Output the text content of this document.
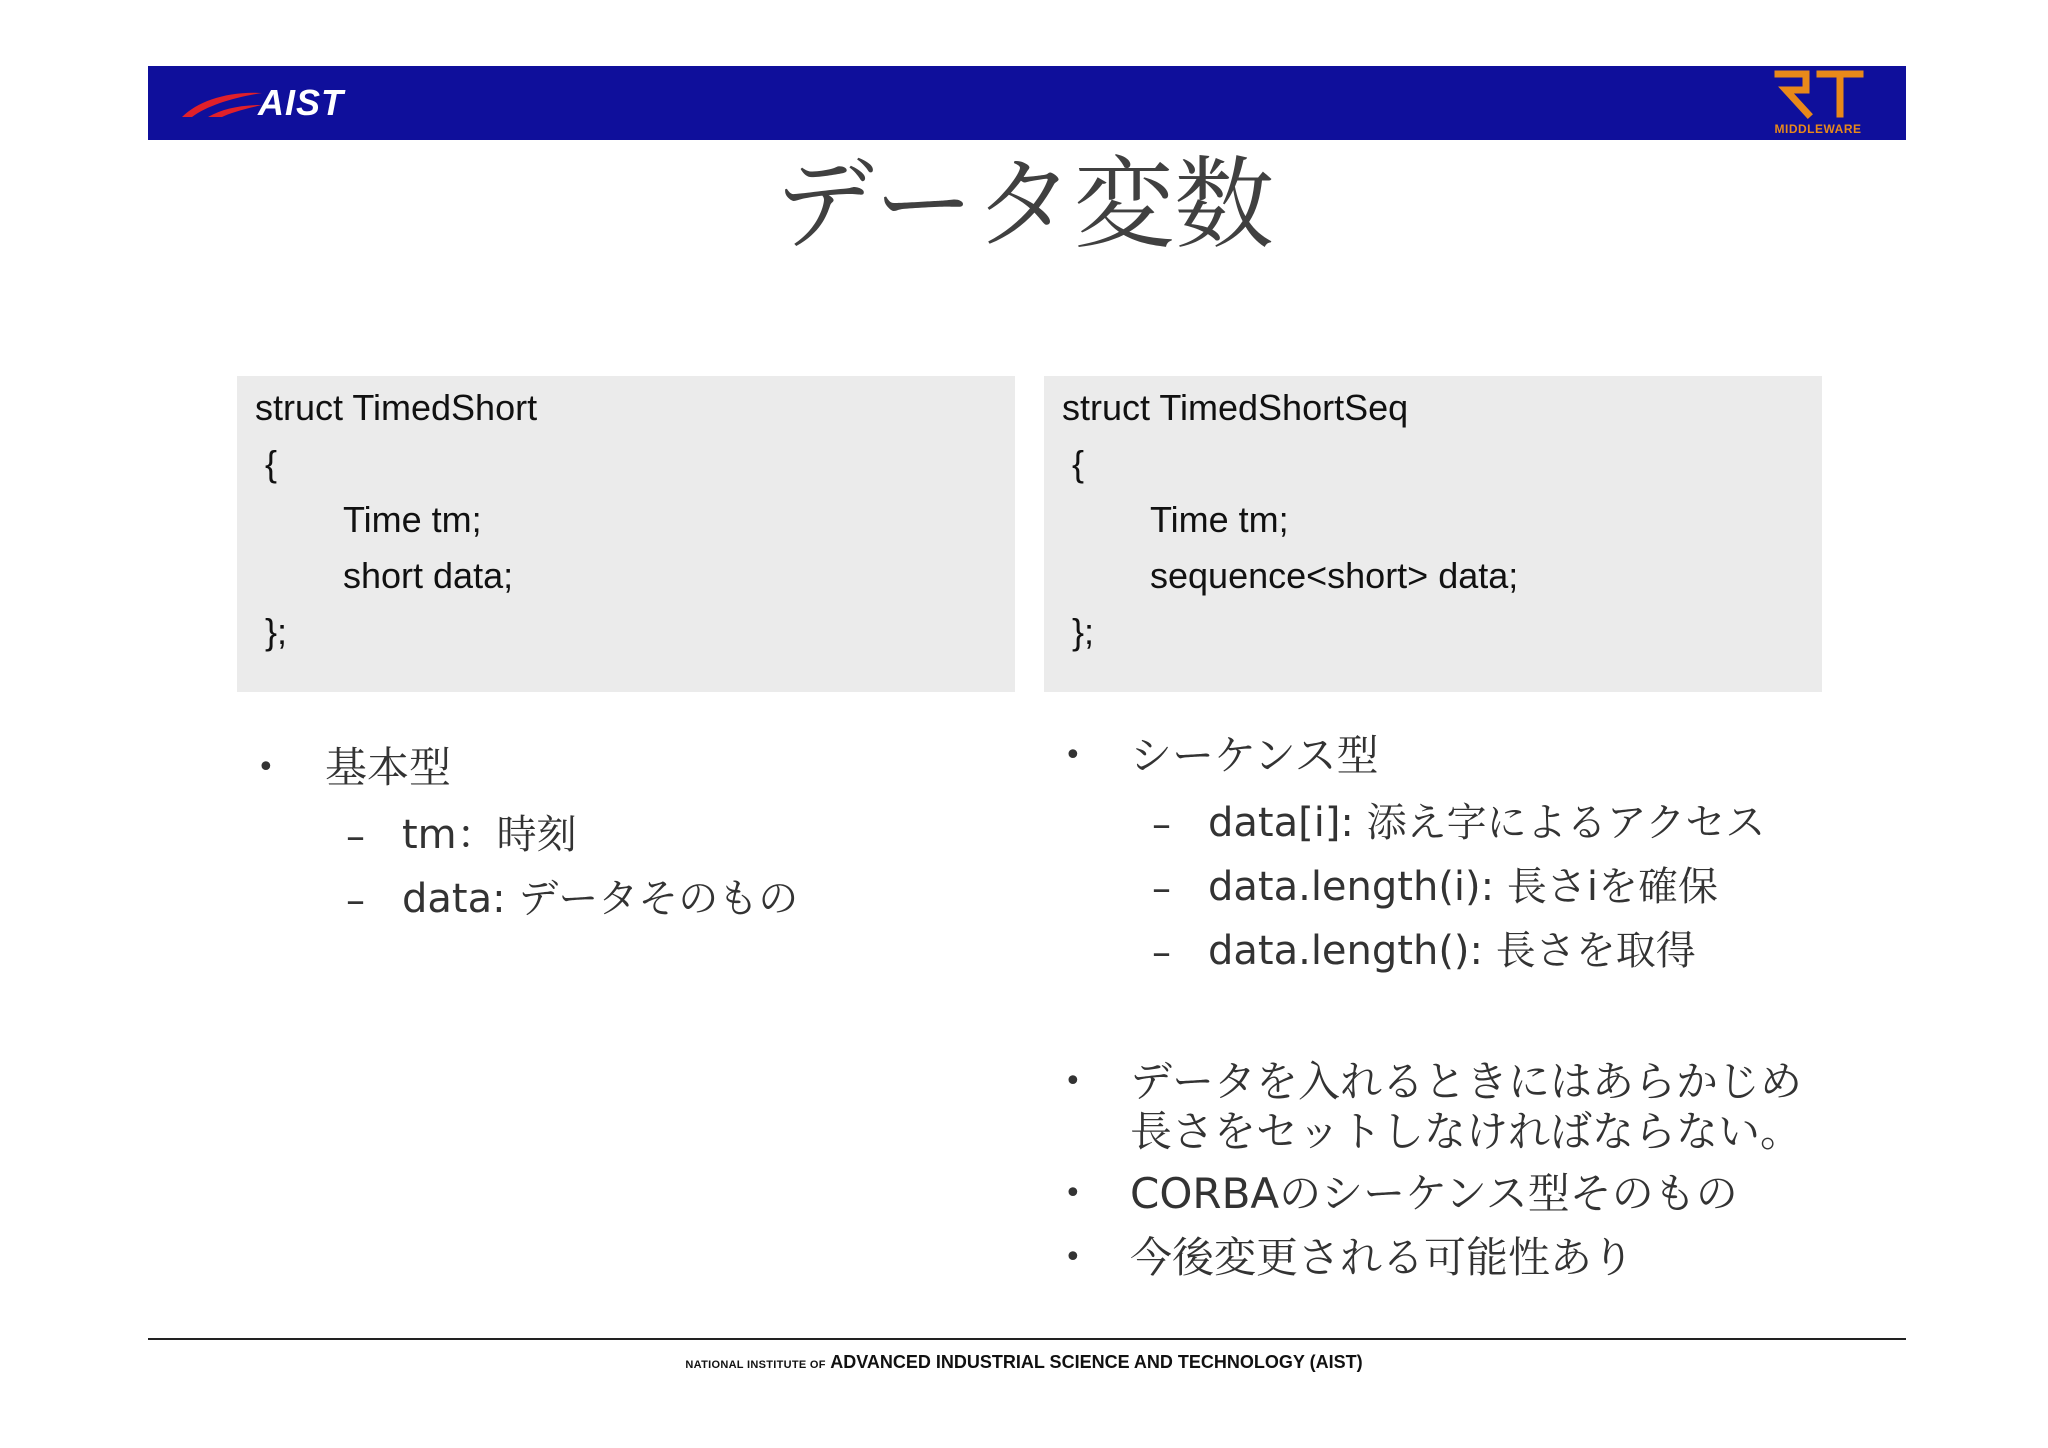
AIST
MIDDLEWARE
データ変数
struct TimedShort
{
Time tm;
short data;
};
struct TimedShortSeq
{
Time tm;
sequence<short> data;
};
• 基本型
– tm：時刻
– data: データそのもの
• シーケンス型
– data[i]: 添え字によるアクセス
– data.length(i): 長さiを確保
– data.length(): 長さを取得
• データを入れるときにはあらかじめ
長さをセットしなければならない。
• CORBAのシーケンス型そのもの
• 今後変更される可能性あり
NATIONAL INSTITUTE OF ADVANCED INDUSTRIAL SCIENCE AND TECHNOLOGY (AIST)
